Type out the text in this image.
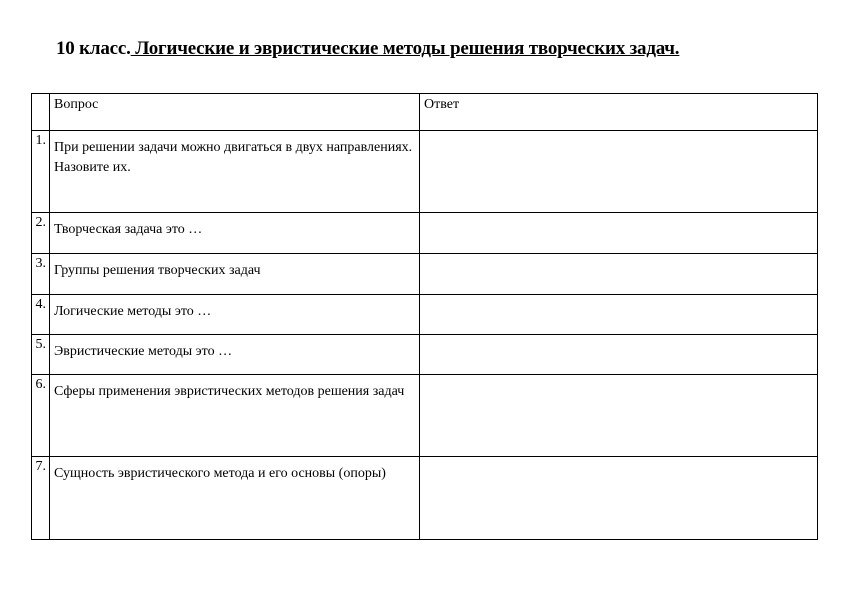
10 класс. Логические и эвристические методы решения творческих задач.
	Вопрос	Ответ
1.	При решении задачи можно двигаться в двух направлениях. Назовите их.	
2.	Творческая задача это …	
3.	Группы решения творческих задач	
4.	Логические методы это …	
5.	Эвристические методы это …	
6.	Сферы применения эвристических методов решения задач	
7.	Сущность эвристического метода и его основы (опоры)	
